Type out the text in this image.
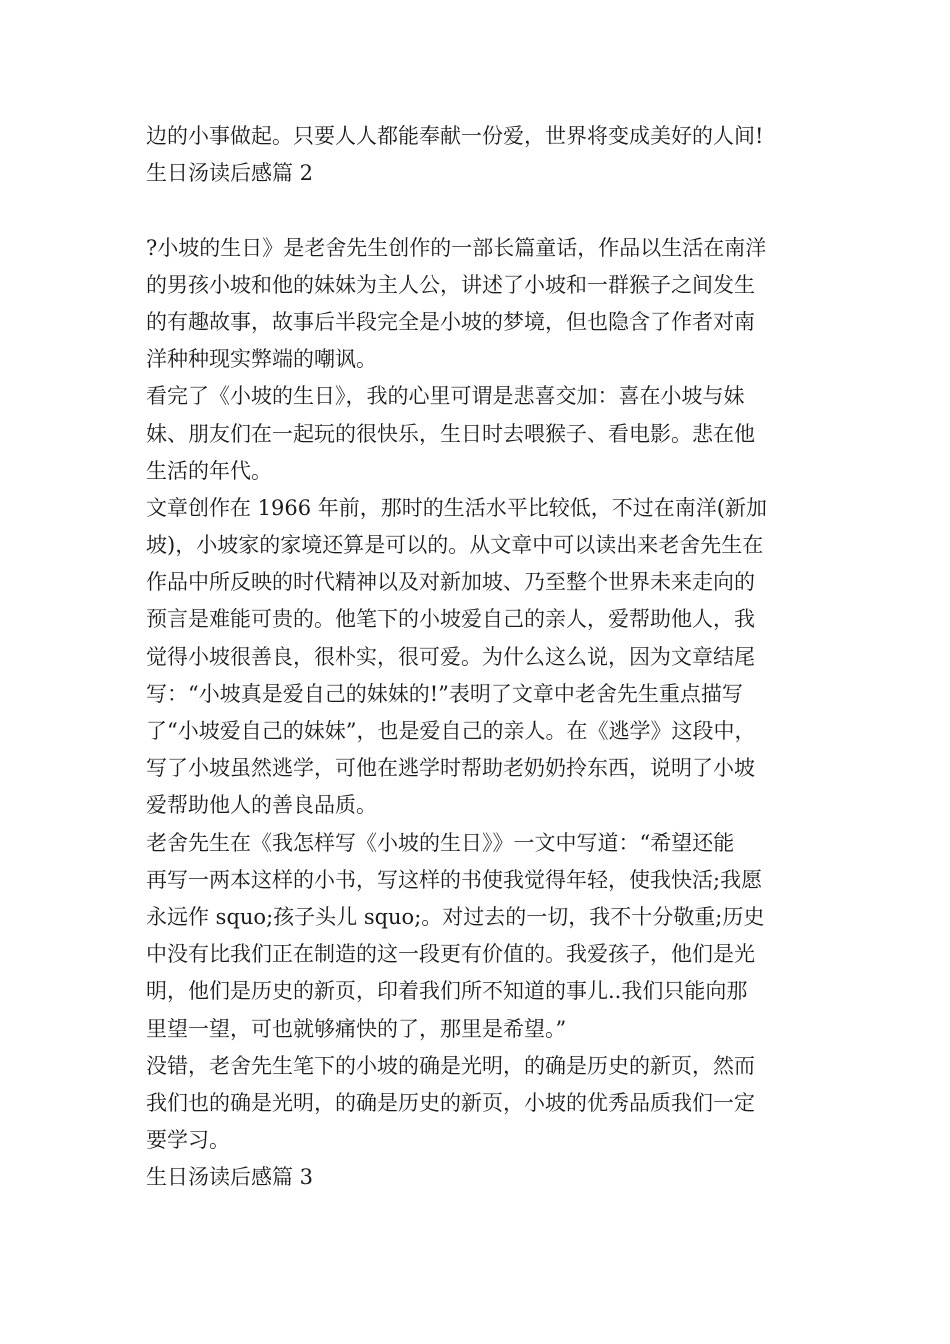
边的小事做起。只要人人都能奉献一份爱，世界将变成美好的人间!
生日汤读后感篇 2
?小坡的生日》是老舍先生创作的一部长篇童话，作品以生活在南洋
的男孩小坡和他的妹妹为主人公，讲述了小坡和一群猴子之间发生
的有趣故事，故事后半段完全是小坡的梦境，但也隐含了作者对南
洋种种现实弊端的嘲讽。
看完了《小坡的生日》，我的心里可谓是悲喜交加：喜在小坡与妹
妹、朋友们在一起玩的很快乐，生日时去喂猴子、看电影。悲在他
生活的年代。
文章创作在 1966 年前，那时的生活水平比较低，不过在南洋(新加
坡)，小坡家的家境还算是可以的。从文章中可以读出来老舍先生在
作品中所反映的时代精神以及对新加坡、乃至整个世界未来走向的
预言是难能可贵的。他笔下的小坡爱自己的亲人，爱帮助他人，我
觉得小坡很善良，很朴实，很可爱。为什么这么说，因为文章结尾
写：“小坡真是爱自己的妹妹的!”表明了文章中老舍先生重点描写
了“小坡爱自己的妹妹”，也是爱自己的亲人。在《逃学》这段中，
写了小坡虽然逃学，可他在逃学时帮助老奶奶拎东西，说明了小坡
爱帮助他人的善良品质。
老舍先生在《我怎样写《小坡的生日》》一文中写道：“希望还能
再写一两本这样的小书，写这样的书使我觉得年轻，使我快活;我愿
永远作 squo;孩子头儿 squo;。对过去的一切，我不十分敬重;历史
中没有比我们正在制造的这一段更有价值的。我爱孩子，他们是光
明，他们是历史的新页，印着我们所不知道的事儿..我们只能向那
里望一望，可也就够痛快的了，那里是希望。”
没错，老舍先生笔下的小坡的确是光明，的确是历史的新页，然而
我们也的确是光明，的确是历史的新页，小坡的优秀品质我们一定
要学习。
生日汤读后感篇 3
